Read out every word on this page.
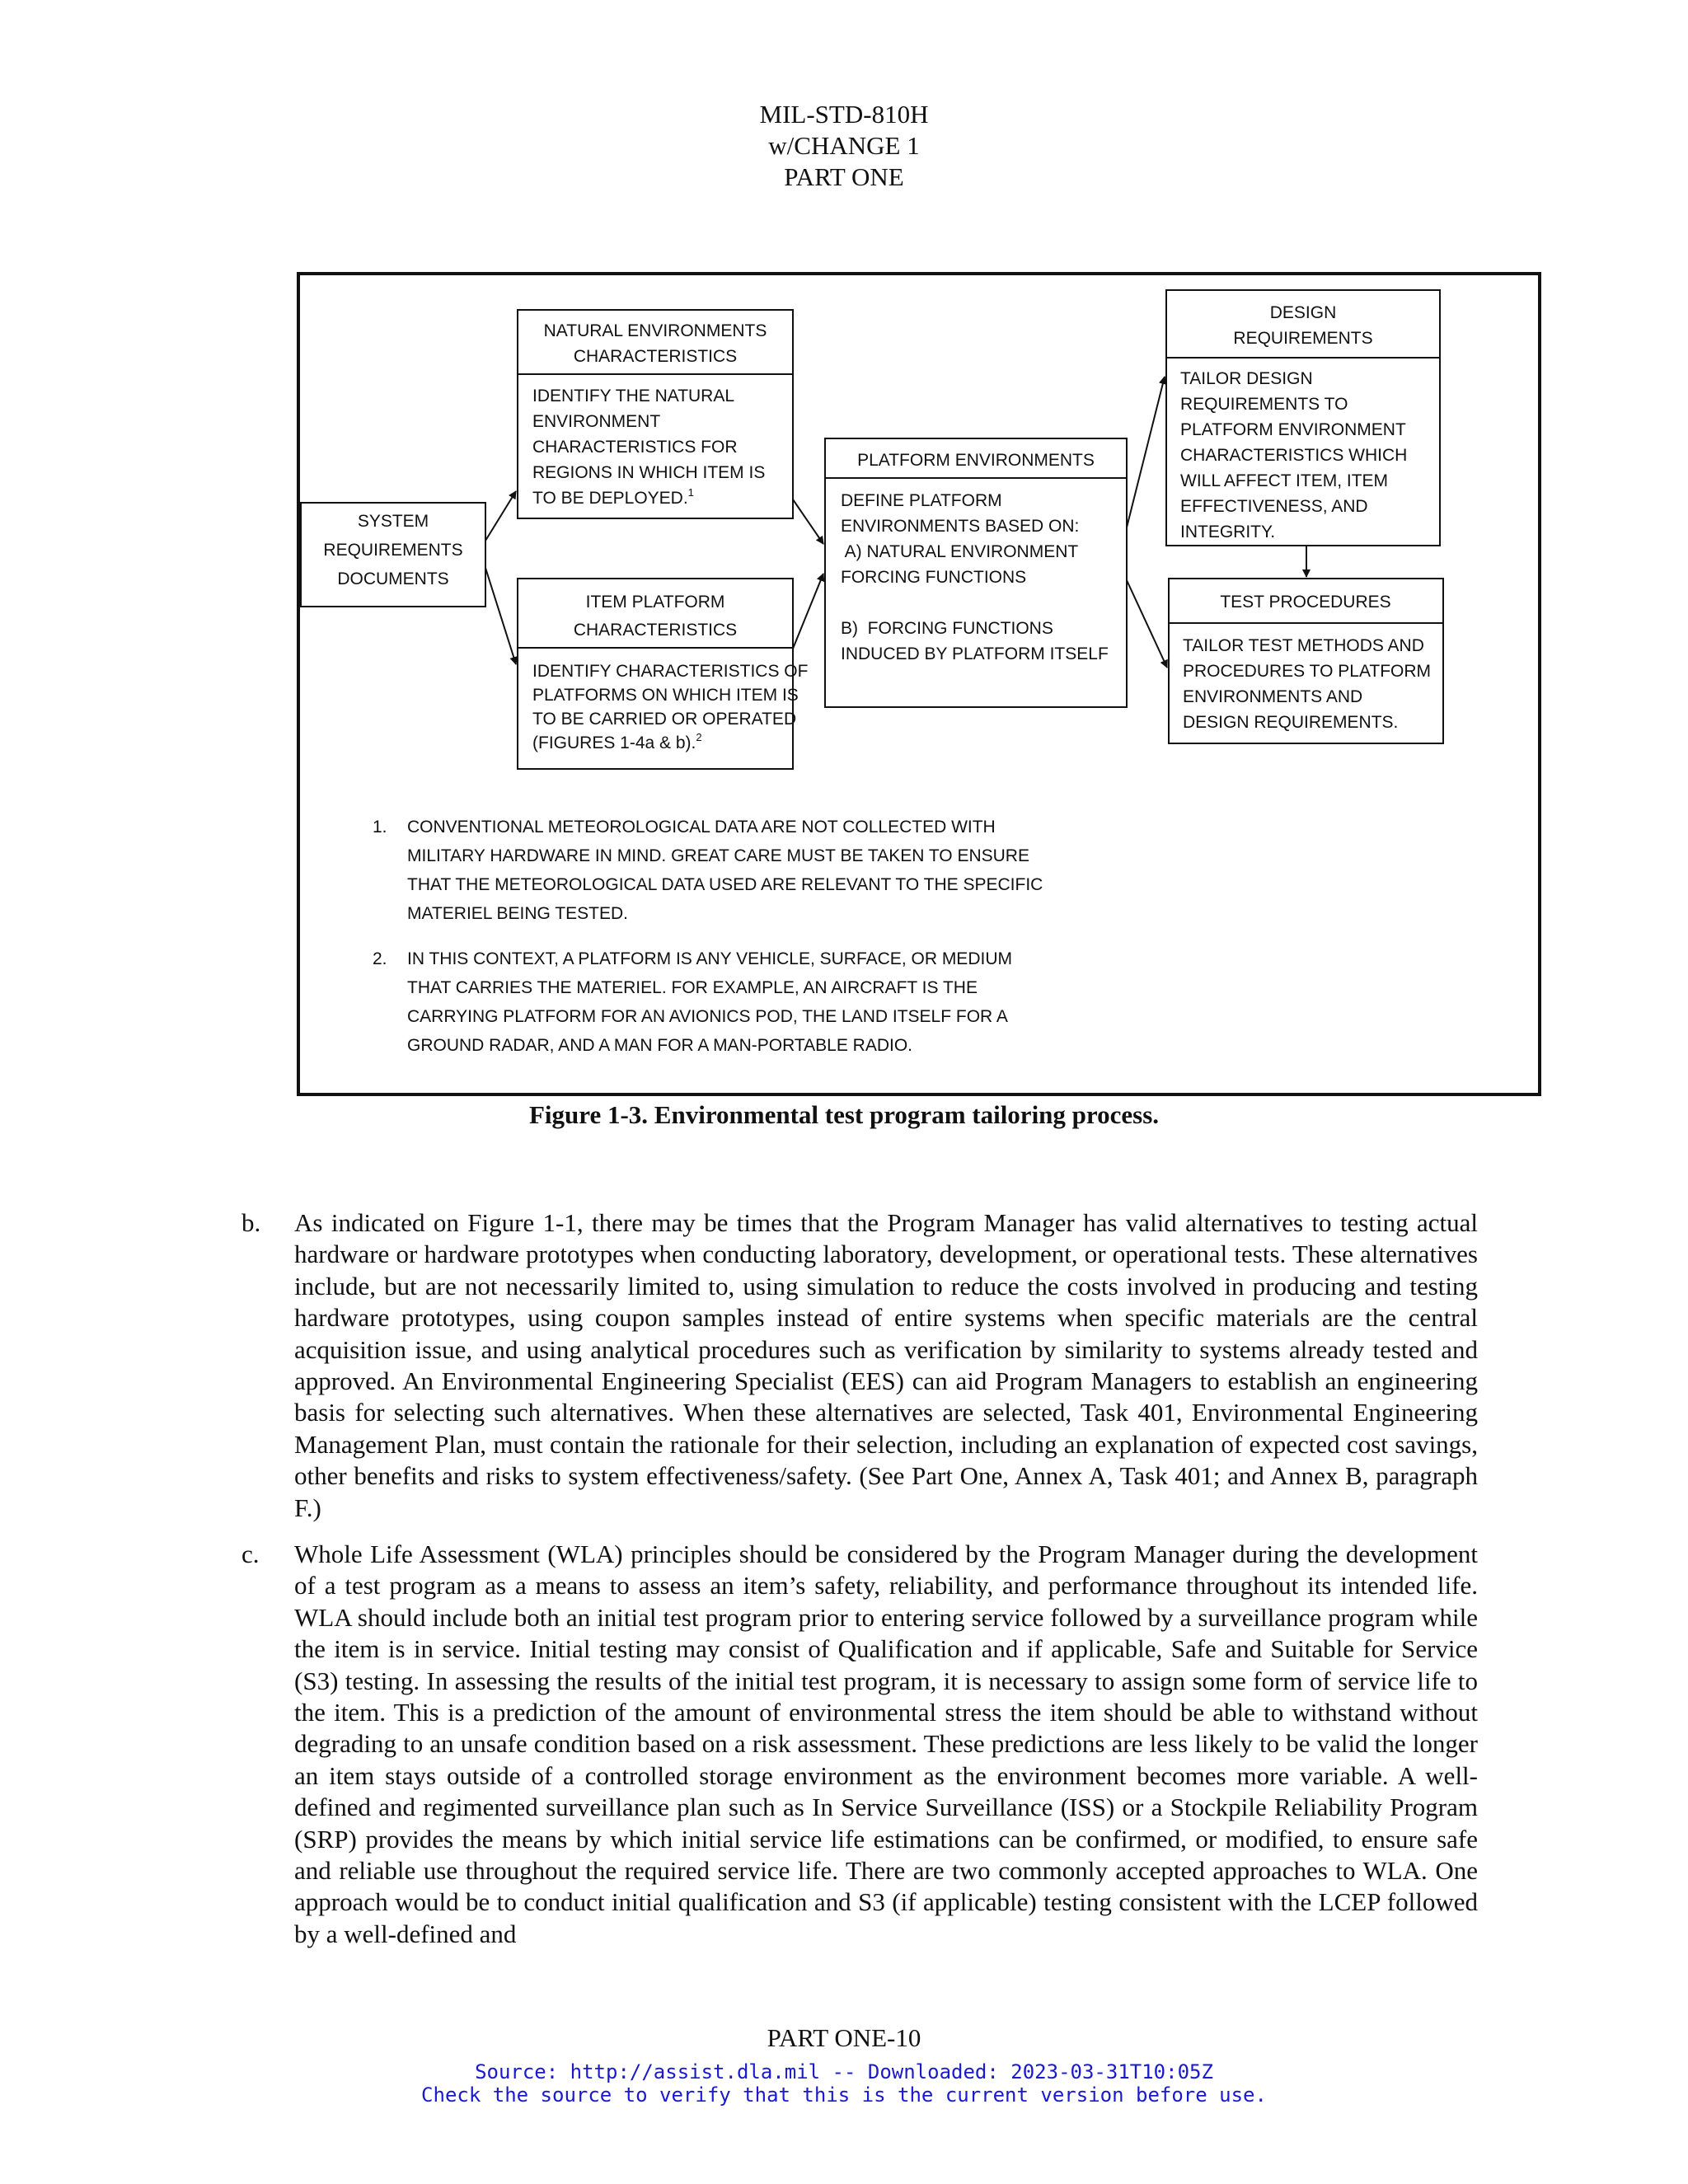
MIL-STD-810H
w/CHANGE 1
PART ONE
SYSTEM
REQUIREMENTS
DOCUMENTS
NATURAL ENVIRONMENTS
CHARACTERISTICS
IDENTIFY THE NATURAL
ENVIRONMENT
CHARACTERISTICS FOR
REGIONS IN WHICH ITEM IS
TO BE DEPLOYED.$^1$
ITEM PLATFORM
CHARACTERISTICS
IDENTIFY CHARACTERISTICS OF
PLATFORMS ON WHICH ITEM IS
TO BE CARRIED OR OPERATED
(FIGURES 1-4a & b).$^2$
PLATFORM ENVIRONMENTS
DEFINE PLATFORM
ENVIRONMENTS BASED ON:
A) NATURAL ENVIRONMENT
FORCING FUNCTIONS
B)  FORCING FUNCTIONS
INDUCED BY PLATFORM ITSELF
DESIGN
REQUIREMENTS
TAILOR DESIGN
REQUIREMENTS TO
PLATFORM ENVIRONMENT
CHARACTERISTICS WHICH
WILL AFFECT ITEM, ITEM
EFFECTIVENESS, AND
INTEGRITY.
TEST PROCEDURES
TAILOR TEST METHODS AND
PROCEDURES TO PLATFORM
ENVIRONMENTS AND
DESIGN REQUIREMENTS.
1. CONVENTIONAL METEOROLOGICAL DATA ARE NOT COLLECTED WITH
MILITARY HARDWARE IN MIND. GREAT CARE MUST BE TAKEN TO ENSURE
THAT THE METEOROLOGICAL DATA USED ARE RELEVANT TO THE SPECIFIC
MATERIEL BEING TESTED.
2. IN THIS CONTEXT, A PLATFORM IS ANY VEHICLE, SURFACE, OR MEDIUM
THAT CARRIES THE MATERIEL. FOR EXAMPLE, AN AIRCRAFT IS THE
CARRYING PLATFORM FOR AN AVIONICS POD, THE LAND ITSELF FOR A
GROUND RADAR, AND A MAN FOR A MAN-PORTABLE RADIO.
Figure 1-3. Environmental test program tailoring process.
b. As indicated on Figure 1-1, there may be times that the Program Manager has valid alternatives to testing actual hardware or hardware prototypes when conducting laboratory, development, or operational tests. These alternatives include, but are not necessarily limited to, using simulation to reduce the costs involved in producing and testing hardware prototypes, using coupon samples instead of entire systems when specific materials are the central acquisition issue, and using analytical procedures such as verification by similarity to systems already tested and approved. An Environmental Engineering Specialist (EES) can aid Program Managers to establish an engineering basis for selecting such alternatives. When these alternatives are selected, Task 401, Environmental Engineering Management Plan, must contain the rationale for their selection, including an explanation of expected cost savings, other benefits and risks to system effectiveness/safety. (See Part One, Annex A, Task 401; and Annex B, paragraph F.)
c. Whole Life Assessment (WLA) principles should be considered by the Program Manager during the development of a test program as a means to assess an item’s safety, reliability, and performance throughout its intended life. WLA should include both an initial test program prior to entering service followed by a surveillance program while the item is in service. Initial testing may consist of Qualification and if applicable, Safe and Suitable for Service (S3) testing. In assessing the results of the initial test program, it is necessary to assign some form of service life to the item. This is a prediction of the amount of environmental stress the item should be able to withstand without degrading to an unsafe condition based on a risk assessment. These predictions are less likely to be valid the longer an item stays outside of a controlled storage environment as the environment becomes more variable. A well-defined and regimented surveillance plan such as In Service Surveillance (ISS) or a Stockpile Reliability Program (SRP) provides the means by which initial service life estimations can be confirmed, or modified, to ensure safe and reliable use throughout the required service life. There are two commonly accepted approaches to WLA. One approach would be to conduct initial qualification and S3 (if applicable) testing consistent with the LCEP followed by a well-defined and
PART ONE-10
Source: http://assist.dla.mil -- Downloaded: 2023-03-31T10:05Z
Check the source to verify that this is the current version before use.
